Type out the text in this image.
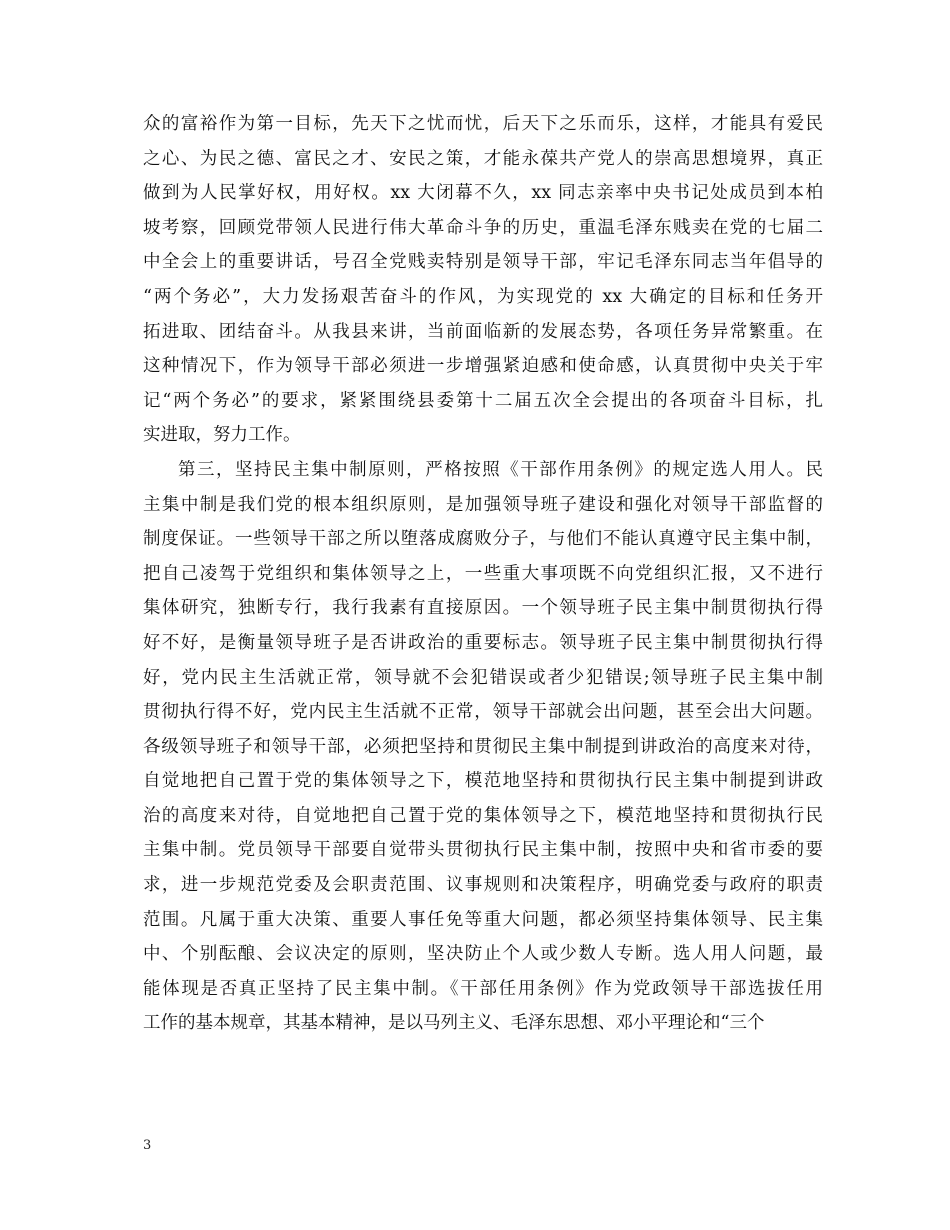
众的富裕作为第一目标，先天下之忧而忧，后天下之乐而乐，这样，才能具有爱民
之心、为民之德、富民之才、安民之策，才能永葆共产党人的崇高思想境界，真正
做到为人民掌好权，用好权。xx 大闭幕不久，xx 同志亲率中央书记处成员到本柏
坡考察，回顾党带领人民进行伟大革命斗争的历史，重温毛泽东贱卖在党的七届二
中全会上的重要讲话，号召全党贱卖特别是领导干部，牢记毛泽东同志当年倡导的
“两个务必”，大力发扬艰苦奋斗的作风，为实现党的 xx 大确定的目标和任务开
拓进取、团结奋斗。从我县来讲，当前面临新的发展态势，各项任务异常繁重。在
这种情况下，作为领导干部必须进一步增强紧迫感和使命感，认真贯彻中央关于牢
记“两个务必”的要求，紧紧围绕县委第十二届五次全会提出的各项奋斗目标，扎
实进取，努力工作。
第三，坚持民主集中制原则，严格按照《干部作用条例》的规定选人用人。民
主集中制是我们党的根本组织原则，是加强领导班子建设和强化对领导干部监督的
制度保证。一些领导干部之所以堕落成腐败分子，与他们不能认真遵守民主集中制，
把自己凌驾于党组织和集体领导之上，一些重大事项既不向党组织汇报，又不进行
集体研究，独断专行，我行我素有直接原因。一个领导班子民主集中制贯彻执行得
好不好，是衡量领导班子是否讲政治的重要标志。领导班子民主集中制贯彻执行得
好，党内民主生活就正常，领导就不会犯错误或者少犯错误;领导班子民主集中制
贯彻执行得不好，党内民主生活就不正常，领导干部就会出问题，甚至会出大问题。
各级领导班子和领导干部，必须把坚持和贯彻民主集中制提到讲政治的高度来对待，
自觉地把自己置于党的集体领导之下，模范地坚持和贯彻执行民主集中制提到讲政
治的高度来对待，自觉地把自己置于党的集体领导之下，模范地坚持和贯彻执行民
主集中制。党员领导干部要自觉带头贯彻执行民主集中制，按照中央和省市委的要
求，进一步规范党委及会职责范围、议事规则和决策程序，明确党委与政府的职责
范围。凡属于重大决策、重要人事任免等重大问题，都必须坚持集体领导、民主集
中、个别酝酿、会议决定的原则，坚决防止个人或少数人专断。选人用人问题，最
能体现是否真正坚持了民主集中制。《干部任用条例》作为党政领导干部选拔任用
工作的基本规章，其基本精神，是以马列主义、毛泽东思想、邓小平理论和“三个
3
